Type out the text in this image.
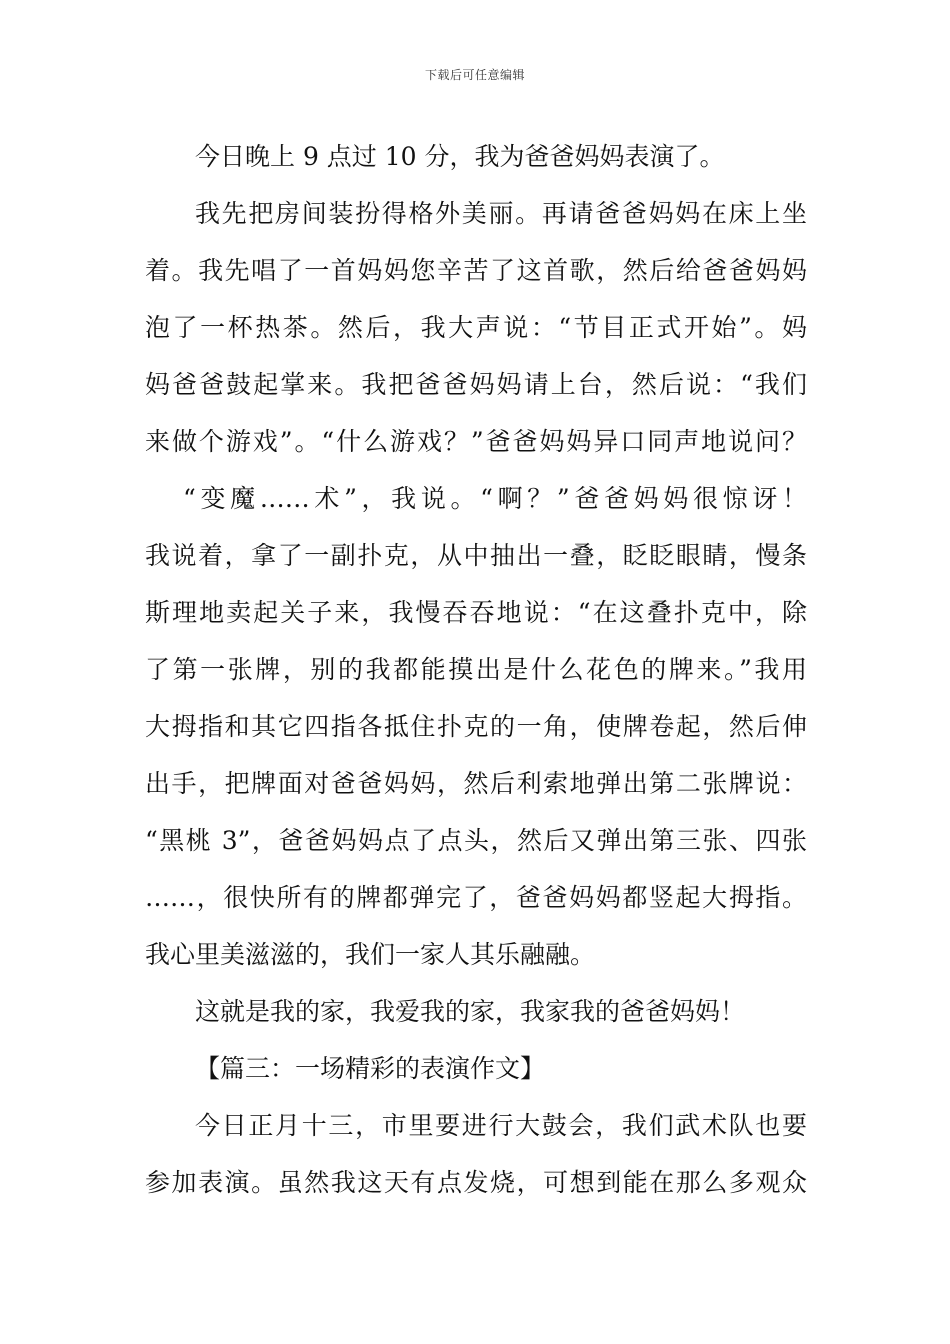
下载后可任意编辑
今日晚上 9 点过 10 分，我为爸爸妈妈表演了。
我先把房间装扮得格外美丽。再请爸爸妈妈在床上坐
着。我先唱了一首妈妈您辛苦了这首歌，然后给爸爸妈妈
泡了一杯热茶。然后，我大声说：“节目正式开始”。妈
妈爸爸鼓起掌来。我把爸爸妈妈请上台，然后说：“我们
来做个游戏”。“什么游戏？”爸爸妈妈异口同声地说问？
“变魔……术”，我说。“啊？”爸爸妈妈很惊讶！
我说着，拿了一副扑克，从中抽出一叠，眨眨眼睛，慢条
斯理地卖起关子来，我慢吞吞地说：“在这叠扑克中，除
了第一张牌，别的我都能摸出是什么花色的牌来。”我用
大拇指和其它四指各抵住扑克的一角，使牌卷起，然后伸
出手，把牌面对爸爸妈妈，然后利索地弹出第二张牌说：
“黑桃 3”，爸爸妈妈点了点头，然后又弹出第三张、四张
……，很快所有的牌都弹完了，爸爸妈妈都竖起大拇指。
我心里美滋滋的，我们一家人其乐融融。
这就是我的家，我爱我的家，我家我的爸爸妈妈！
【篇三：一场精彩的表演作文】
今日正月十三，市里要进行大鼓会，我们武术队也要
参加表演。虽然我这天有点发烧，可想到能在那么多观众
